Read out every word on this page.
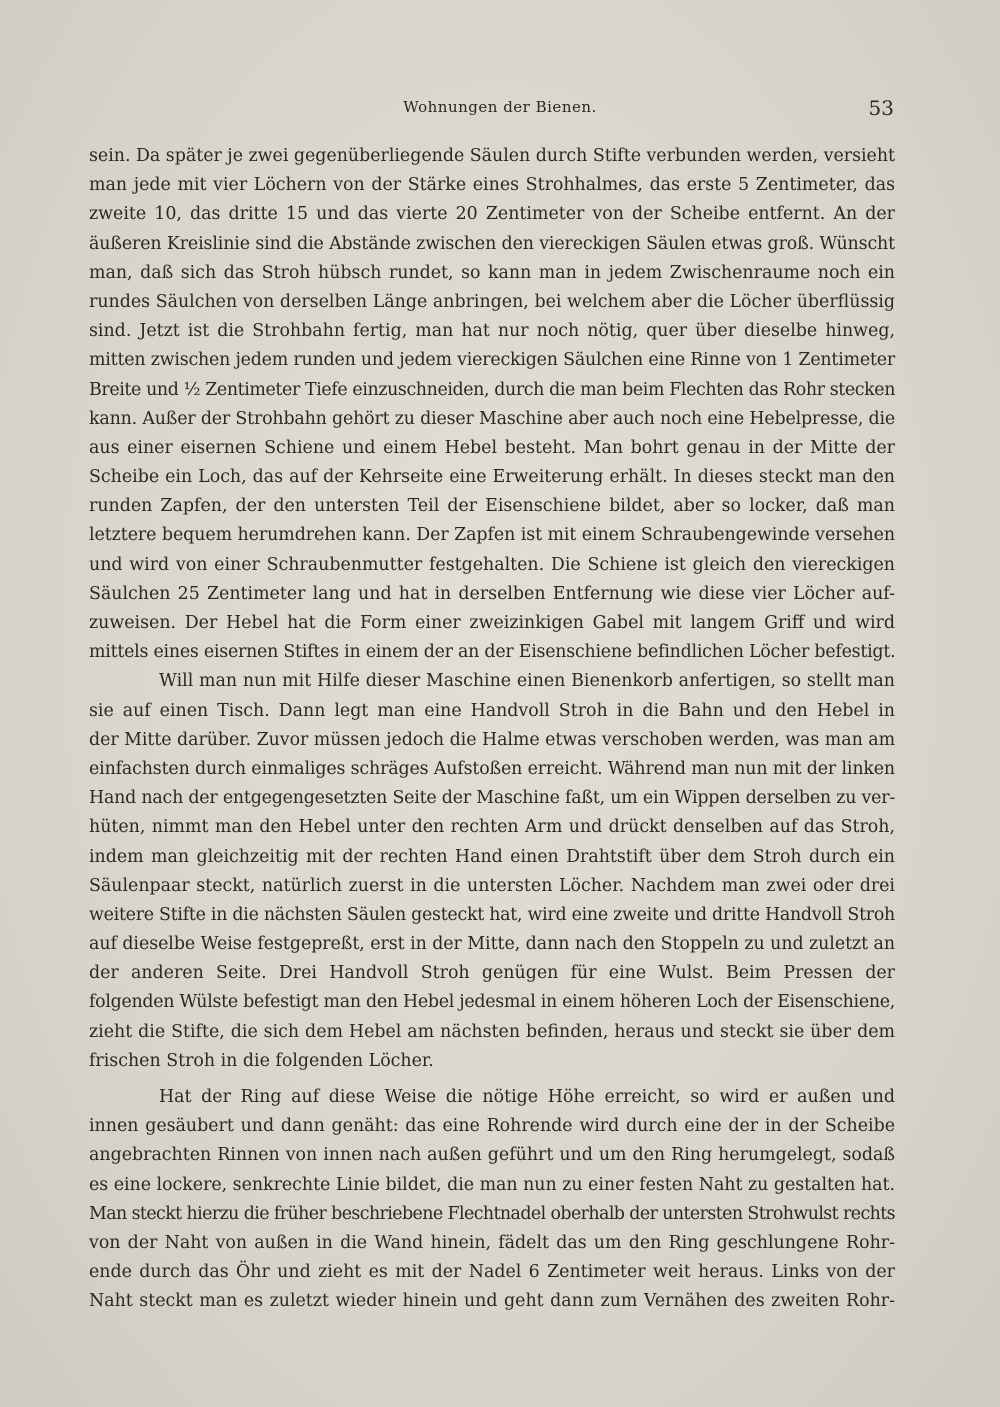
Wohnungen der Bienen.	53
sein. Da später je zwei gegenüberliegende Säulen durch Stifte verbunden werden, versieht
man jede mit vier Löchern von der Stärke eines Strohhalmes, das erste 5 Zentimeter, das
zweite 10, das dritte 15 und das vierte 20 Zentimeter von der Scheibe entfernt. An der
äußeren Kreislinie sind die Abstände zwischen den viereckigen Säulen etwas groß. Wünscht
man, daß sich das Stroh hübsch rundet, so kann man in jedem Zwischenraume noch ein
rundes Säulchen von derselben Länge anbringen, bei welchem aber die Löcher überflüssig
sind. Jetzt ist die Strohbahn fertig, man hat nur noch nötig, quer über dieselbe hinweg,
mitten zwischen jedem runden und jedem viereckigen Säulchen eine Rinne von 1 Zentimeter
Breite und ½ Zentimeter Tiefe einzuschneiden, durch die man beim Flechten das Rohr stecken
kann. Außer der Strohbahn gehört zu dieser Maschine aber auch noch eine Hebelpresse, die
aus einer eisernen Schiene und einem Hebel besteht. Man bohrt genau in der Mitte der
Scheibe ein Loch, das auf der Kehrseite eine Erweiterung erhält. In dieses steckt man den
runden Zapfen, der den untersten Teil der Eisenschiene bildet, aber so locker, daß man
letztere bequem herumdrehen kann. Der Zapfen ist mit einem Schraubengewinde versehen
und wird von einer Schraubenmutter festgehalten. Die Schiene ist gleich den viereckigen
Säulchen 25 Zentimeter lang und hat in derselben Entfernung wie diese vier Löcher auf-
zuweisen. Der Hebel hat die Form einer zweizinkigen Gabel mit langem Griff und wird
mittels eines eisernen Stiftes in einem der an der Eisenschiene befindlichen Löcher befestigt.
Will man nun mit Hilfe dieser Maschine einen Bienenkorb anfertigen, so stellt man
sie auf einen Tisch. Dann legt man eine Handvoll Stroh in die Bahn und den Hebel in
der Mitte darüber. Zuvor müssen jedoch die Halme etwas verschoben werden, was man am
einfachsten durch einmaliges schräges Aufstoßen erreicht. Während man nun mit der linken
Hand nach der entgegengesetzten Seite der Maschine faßt, um ein Wippen derselben zu ver-
hüten, nimmt man den Hebel unter den rechten Arm und drückt denselben auf das Stroh,
indem man gleichzeitig mit der rechten Hand einen Drahtstift über dem Stroh durch ein
Säulenpaar steckt, natürlich zuerst in die untersten Löcher. Nachdem man zwei oder drei
weitere Stifte in die nächsten Säulen gesteckt hat, wird eine zweite und dritte Handvoll Stroh
auf dieselbe Weise festgepreßt, erst in der Mitte, dann nach den Stoppeln zu und zuletzt an
der anderen Seite. Drei Handvoll Stroh genügen für eine Wulst. Beim Pressen der
folgenden Wülste befestigt man den Hebel jedesmal in einem höheren Loch der Eisenschiene,
zieht die Stifte, die sich dem Hebel am nächsten befinden, heraus und steckt sie über dem
frischen Stroh in die folgenden Löcher.
Hat der Ring auf diese Weise die nötige Höhe erreicht, so wird er außen und
innen gesäubert und dann genäht: das eine Rohrende wird durch eine der in der Scheibe
angebrachten Rinnen von innen nach außen geführt und um den Ring herumgelegt, sodaß
es eine lockere, senkrechte Linie bildet, die man nun zu einer festen Naht zu gestalten hat.
Man steckt hierzu die früher beschriebene Flechtnadel oberhalb der untersten Strohwulst rechts
von der Naht von außen in die Wand hinein, fädelt das um den Ring geschlungene Rohr-
ende durch das Öhr und zieht es mit der Nadel 6 Zentimeter weit heraus. Links von der
Naht steckt man es zuletzt wieder hinein und geht dann zum Vernähen des zweiten Rohr-
